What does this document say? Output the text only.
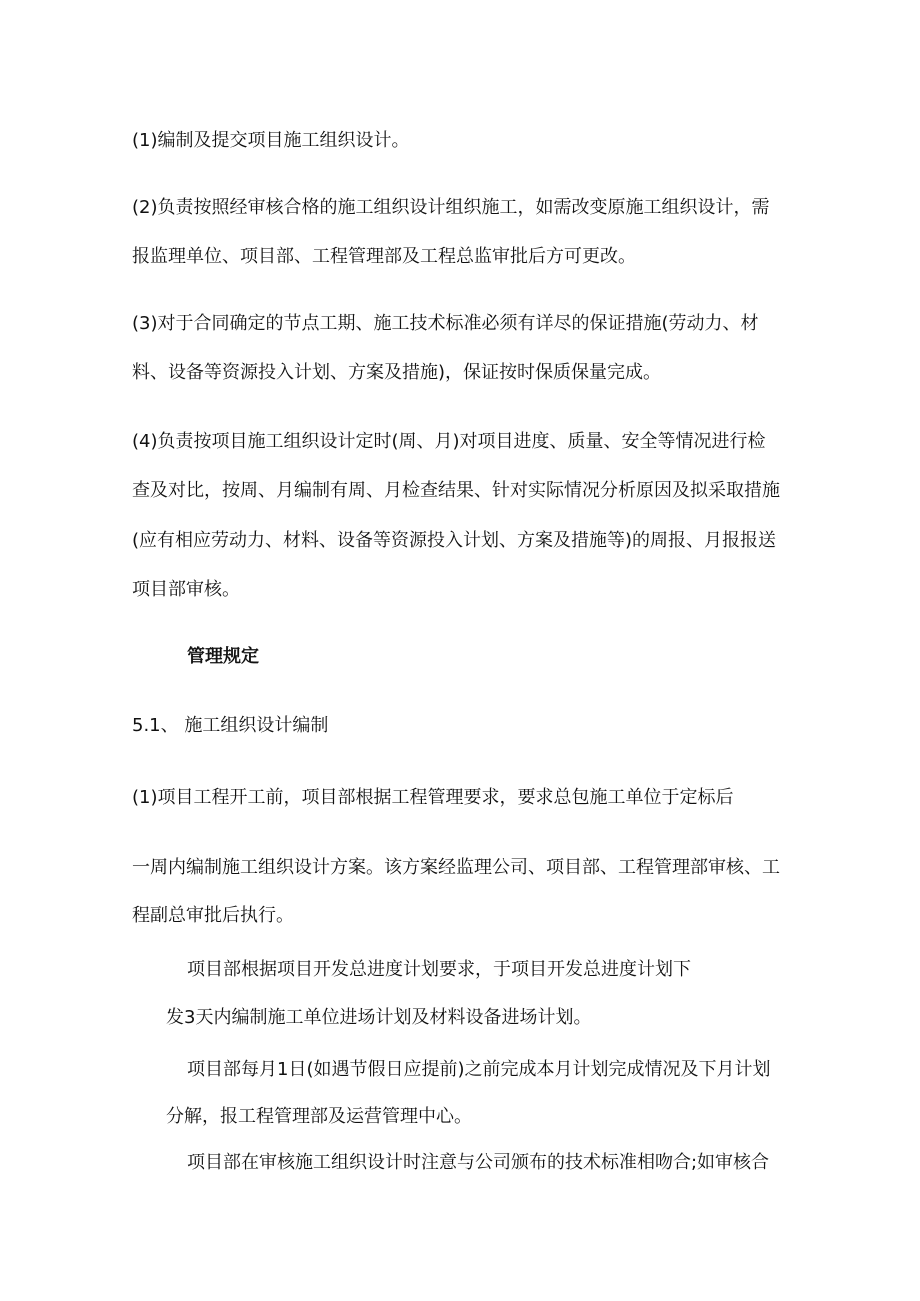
(1)编制及提交项目施工组织设计。

(2)负责按照经审核合格的施工组织设计组织施工，如需改变原施工组织设计，需

报监理单位、项目部、工程管理部及工程总监审批后方可更改。

(3)对于合同确定的节点工期、施工技术标准必须有详尽的保证措施(劳动力、材

料、设备等资源投入计划、方案及措施)，保证按时保质保量完成。

(4)负责按项目施工组织设计定时(周、月)对项目进度、质量、安全等情况进行检

查及对比，按周、月编制有周、月检查结果、针对实际情况分析原因及拟采取措施

(应有相应劳动力、材料、设备等资源投入计划、方案及措施等)的周报、月报报送

项目部审核。

管理规定

5.1、 施工组织设计编制

(1)项目工程开工前，项目部根据工程管理要求，要求总包施工单位于定标后

一周内编制施工组织设计方案。该方案经监理公司、项目部、工程管理部审核、工

程副总审批后执行。

项目部根据项目开发总进度计划要求，于项目开发总进度计划下

发3天内编制施工单位进场计划及材料设备进场计划。

项目部每月1日(如遇节假日应提前)之前完成本月计划完成情况及下月计划

分解，报工程管理部及运营管理中心。

项目部在审核施工组织设计时注意与公司颁布的技术标准相吻合;如审核合
